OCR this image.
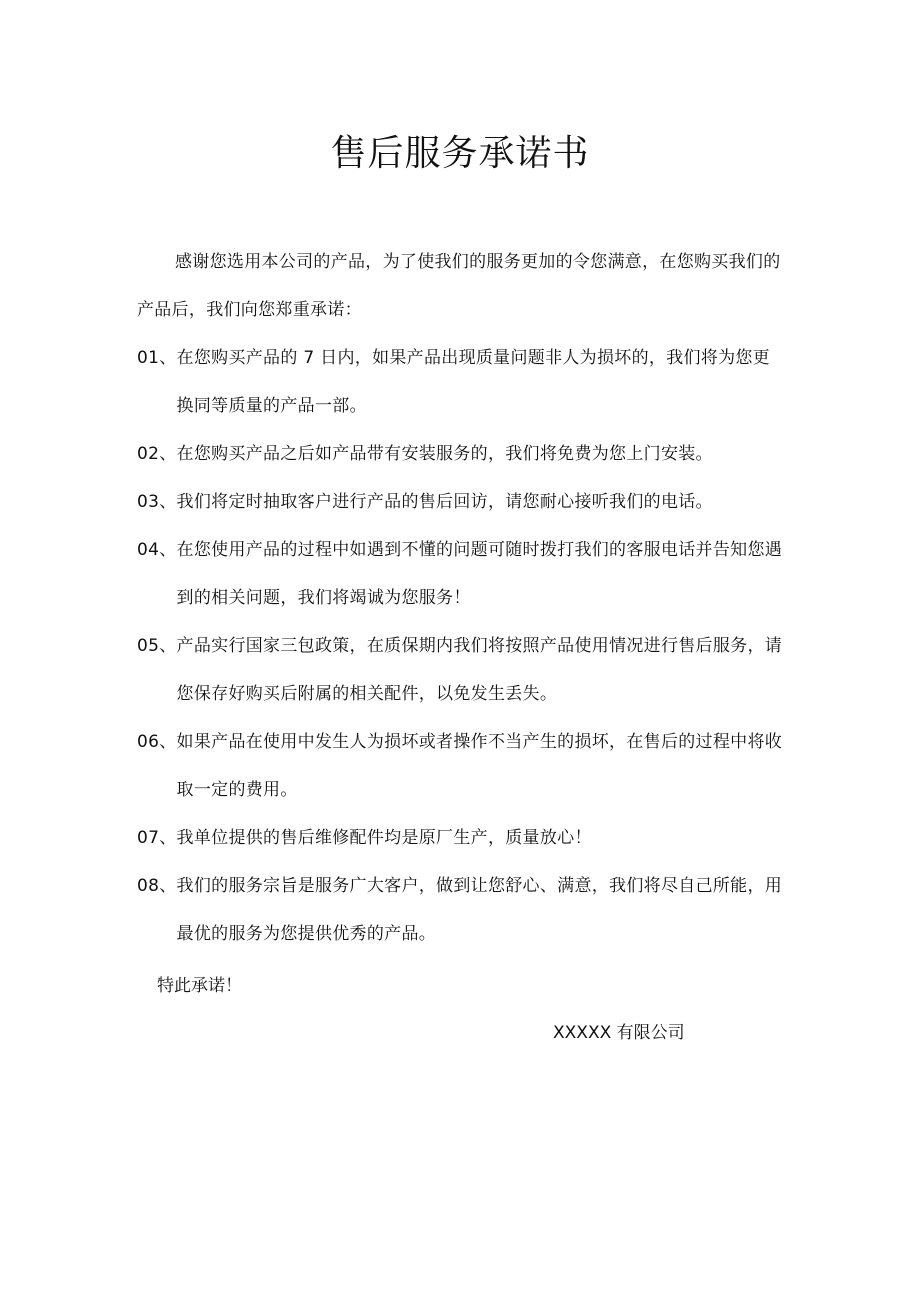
售后服务承诺书

感谢您选用本公司的产品，为了使我们的服务更加的令您满意，在您购买我们的产品后，我们向您郑重承诺：

01、 在您购买产品的 7 日内，如果产品出现质量问题非人为损坏的，我们将为您更换同等质量的产品一部。
02、 在您购买产品之后如产品带有安装服务的，我们将免费为您上门安装。
03、 我们将定时抽取客户进行产品的售后回访，请您耐心接听我们的电话。
04、 在您使用产品的过程中如遇到不懂的问题可随时拨打我们的客服电话并告知您遇到的相关问题，我们将竭诚为您服务！
05、 产品实行国家三包政策，在质保期内我们将按照产品使用情况进行售后服务，请您保存好购买后附属的相关配件，以免发生丢失。
06、 如果产品在使用中发生人为损坏或者操作不当产生的损坏，在售后的过程中将收取一定的费用。
07、 我单位提供的售后维修配件均是原厂生产，质量放心！
08、 我们的服务宗旨是服务广大客户，做到让您舒心、满意，我们将尽自己所能，用最优的服务为您提供优秀的产品。

特此承诺！

XXXXX 有限公司
